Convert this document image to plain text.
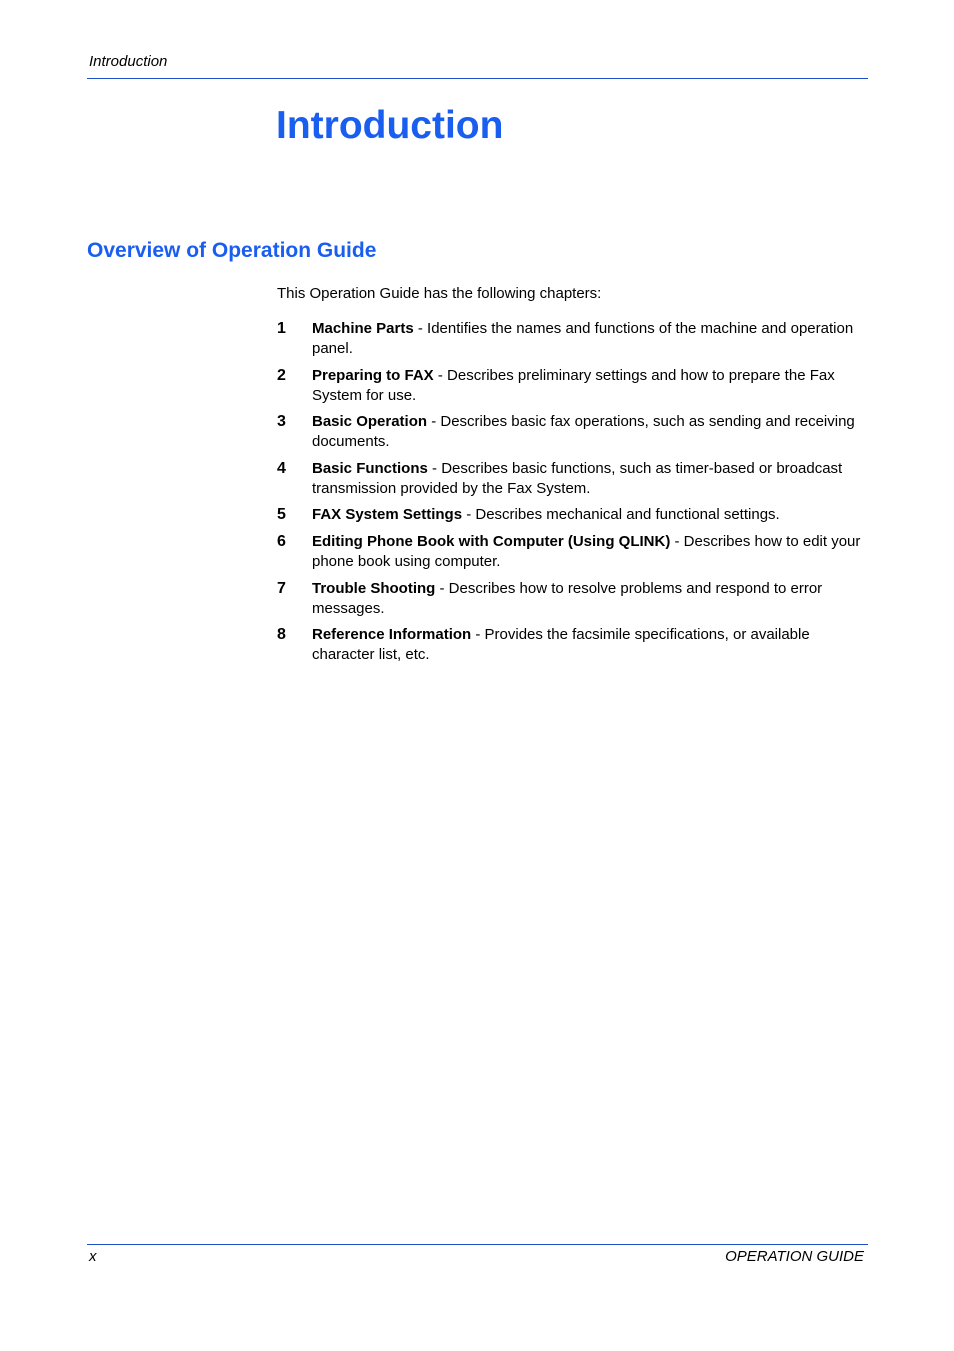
Introduction
Introduction
Overview of Operation Guide
This Operation Guide has the following chapters:
1 Machine Parts - Identifies the names and functions of the machine and operation panel.
2 Preparing to FAX - Describes preliminary settings and how to prepare the Fax System for use.
3 Basic Operation - Describes basic fax operations, such as sending and receiving documents.
4 Basic Functions - Describes basic functions, such as timer-based or broadcast transmission provided by the Fax System.
5 FAX System Settings - Describes mechanical and functional settings.
6 Editing Phone Book with Computer (Using QLINK) - Describes how to edit your phone book using computer.
7 Trouble Shooting - Describes how to resolve problems and respond to error messages.
8 Reference Information - Provides the facsimile specifications, or available character list, etc.
x	OPERATION GUIDE
